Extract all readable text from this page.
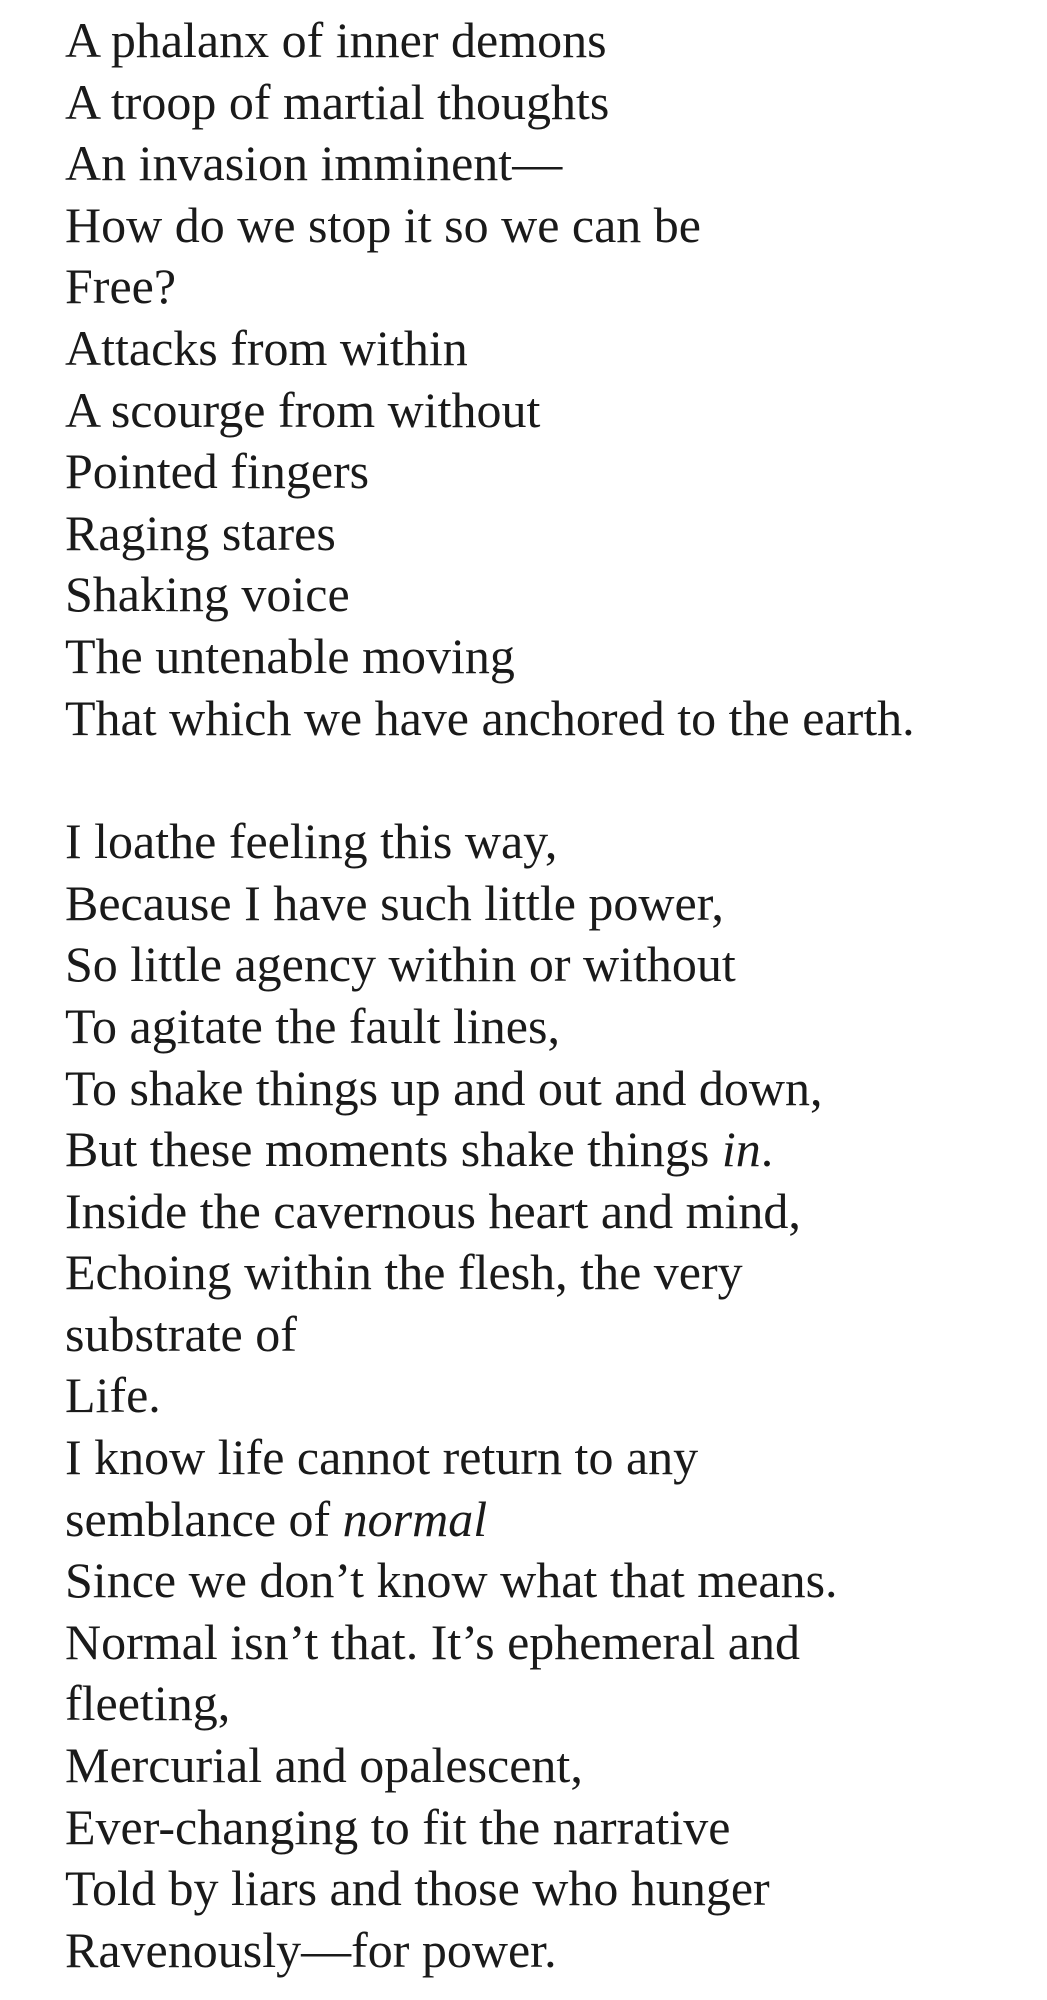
A phalanx of inner demons
A troop of martial thoughts
An invasion imminent—
How do we stop it so we can be
Free?
Attacks from within
A scourge from without
Pointed fingers
Raging stares
Shaking voice
The untenable moving
That which we have anchored to the earth.
I loathe feeling this way,
Because I have such little power,
So little agency within or without
To agitate the fault lines,
To shake things up and out and down,
But these moments shake things in.
Inside the cavernous heart and mind,
Echoing within the flesh, the very
substrate of
Life.
I know life cannot return to any
semblance of normal
Since we don’t know what that means.
Normal isn’t that. It’s ephemeral and
fleeting,
Mercurial and opalescent,
Ever-changing to fit the narrative
Told by liars and those who hunger
Ravenously—for power.
